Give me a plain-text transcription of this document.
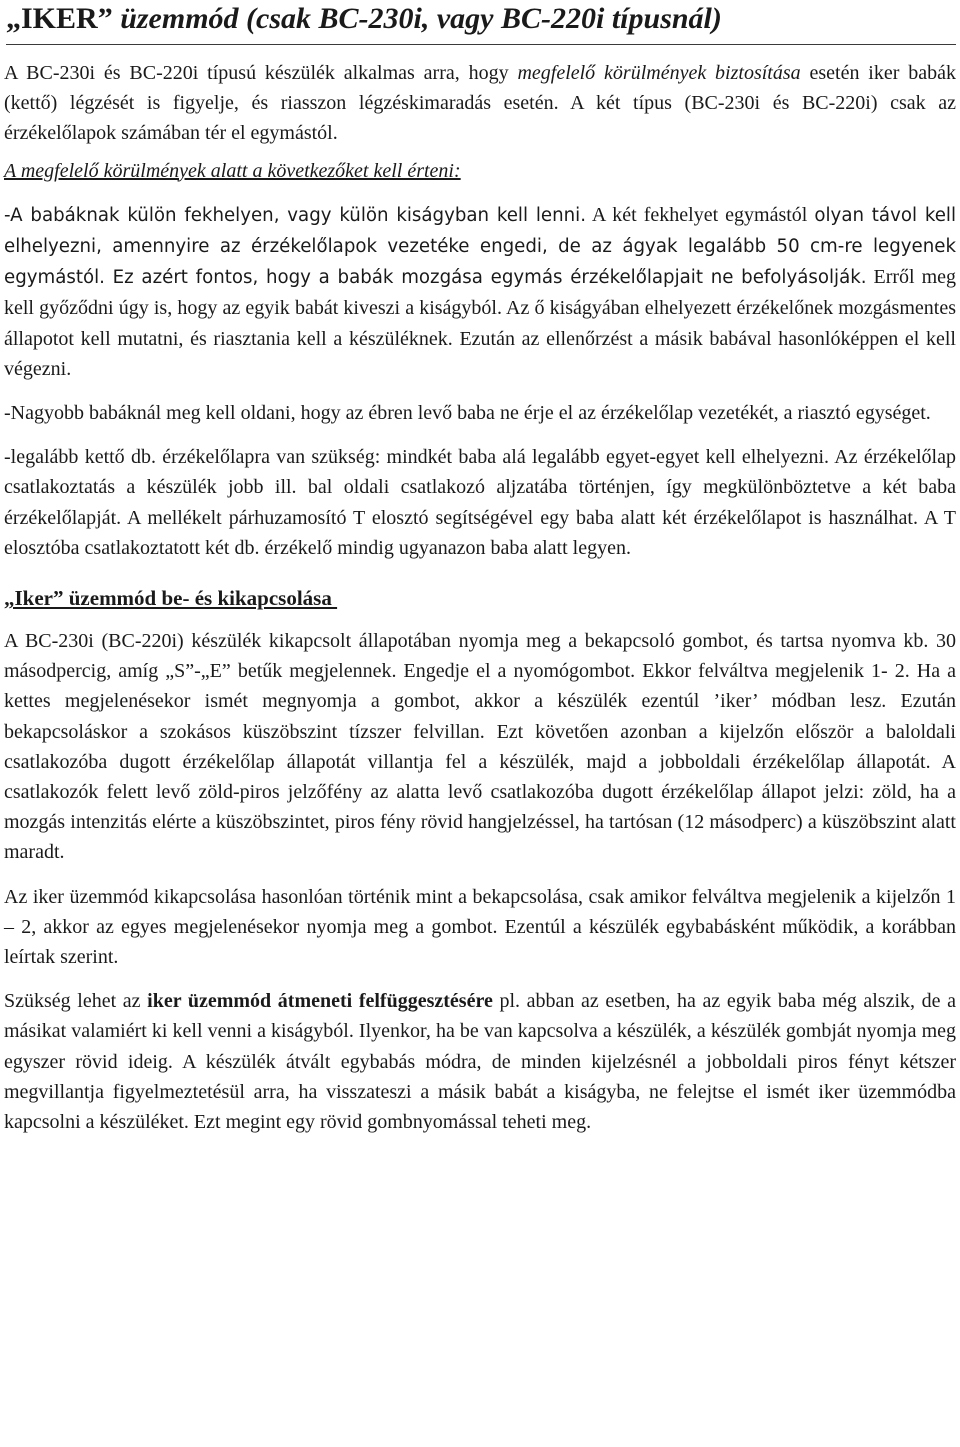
„IKER” üzemmód (csak BC-230i, vagy BC-220i típusnál)

A BC-230i és BC-220i típusú készülék alkalmas arra, hogy megfelelő körülmények biztosítása esetén iker babák (kettő) légzését is figyelje, és riasszon légzéskimaradás esetén. A két típus (BC-230i és BC-220i) csak az érzékelőlapok számában tér el egymástól.

A megfelelő körülmények alatt a következőket kell érteni:

-A babáknak külön fekhelyen, vagy külön kiságyban kell lenni. A két fekhelyet egymástól olyan távol kell elhelyezni, amennyire az érzékelőlapok vezetéke engedi, de az ágyak legalább 50 cm-re legyenek egymástól. Ez azért fontos, hogy a babák mozgása egymás érzékelőlapjait ne befolyásolják. Erről meg kell győződni úgy is, hogy az egyik babát kiveszi a kiságyból. Az ő kiságyában elhelyezett érzékelőnek mozgásmentes állapotot kell mutatni, és riasztania kell a készüléknek. Ezután az ellenőrzést a másik babával hasonlóképpen el kell végezni.

-Nagyobb babáknál meg kell oldani, hogy az ébren levő baba ne érje el az érzékelőlap vezetékét, a riasztó egységet.

-legalább kettő db. érzékelőlapra van szükség: mindkét baba alá legalább egyet-egyet kell elhelyezni. Az érzékelőlap csatlakoztatás a készülék jobb ill. bal oldali csatlakozó aljzatába történjen, így megkülönböztetve a két baba érzékelőlapját. A mellékelt párhuzamosító T elosztó segítségével egy baba alatt két érzékelőlapot is használhat. A T elosztóba csatlakoztatott két db. érzékelő mindig ugyanazon baba alatt legyen.

„Iker” üzemmód be- és kikapcsolása

A BC-230i (BC-220i) készülék kikapcsolt állapotában nyomja meg a bekapcsoló gombot, és tartsa nyomva kb. 30 másodpercig, amíg „S”-„E” betűk megjelennek. Engedje el a nyomógombot. Ekkor felváltva megjelenik 1- 2. Ha a kettes megjelenésekor ismét megnyomja a gombot, akkor a készülék ezentúl ’iker’ módban lesz. Ezután bekapcsoláskor a szokásos küszöbszint tízszer felvillan. Ezt követően azonban a kijelzőn először a baloldali csatlakozóba dugott érzékelőlap állapotát villantja fel a készülék, majd a jobboldali érzékelőlap állapotát. A csatlakozók felett levő zöld-piros jelzőfény az alatta levő csatlakozóba dugott érzékelőlap állapot jelzi: zöld, ha a mozgás intenzitás elérte a küszöbszintet, piros fény rövid hangjelzéssel, ha tartósan (12 másodperc) a küszöbszint alatt maradt.

Az iker üzemmód kikapcsolása hasonlóan történik mint a bekapcsolása, csak amikor felváltva megjelenik a kijelzőn 1 – 2, akkor az egyes megjelenésekor nyomja meg a gombot. Ezentúl a készülék egybabásként működik, a korábban leírtak szerint.

Szükség lehet az iker üzemmód átmeneti felfüggesztésére pl. abban az esetben, ha az egyik baba még alszik, de a másikat valamiért ki kell venni a kiságyból. Ilyenkor, ha be van kapcsolva a készülék, a készülék gombját nyomja meg egyszer rövid ideig. A készülék átvált egybabás módra, de minden kijelzésnél a jobboldali piros fényt kétszer megvillantja figyelmeztetésül arra, ha visszateszi a másik babát a kiságyba, ne felejtse el ismét iker üzemmódba kapcsolni a készüléket. Ezt megint egy rövid gombnyomással teheti meg.
